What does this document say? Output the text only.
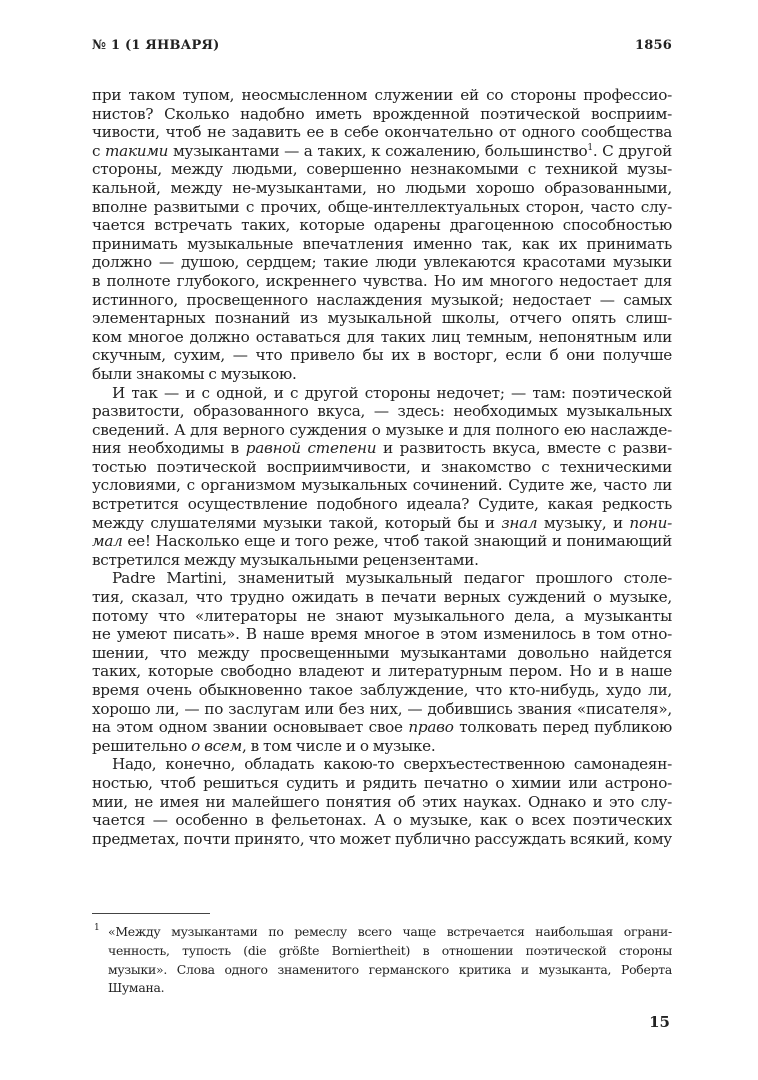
№ 1 (1 ЯНВАРЯ)	1856
при таком тупом, неосмысленном служении ей со стороны профессио-
нистов? Сколько надобно иметь врожденной поэтической восприим-
чивости, чтоб не задавить ее в себе окончательно от одного сообщества
с такими музыкантами — а таких, к сожалению, большинство$^1$. С другой
стороны, между людьми, совершенно незнакомыми с техникой музы-
кальной, между не-музыкантами, но людьми хорошо образованными,
вполне развитыми с прочих, обще-интеллектуальных сторон, часто слу-
чается встречать таких, которые одарены драгоценною способностью
принимать музыкальные впечатления именно так, как их принимать
должно — душою, сердцем; такие люди увлекаются красотами музыки
в полноте глубокого, искреннего чувства. Но им многого недостает для
истинного, просвещенного наслаждения музыкой; недостает — самых
элементарных познаний из музыкальной школы, отчего опять слиш-
ком многое должно оставаться для таких лиц темным, непонятным или
скучным, сухим, — что привело бы их в восторг, если б они получше
были знакомы с музыкою.
И так — и с одной, и с другой стороны недочет; — там: поэтической
развитости, образованного вкуса, — здесь: необходимых музыкальных
сведений. А для верного суждения о музыке и для полного ею наслажде-
ния необходимы в равной степени и развитость вкуса, вместе с разви-
тостью поэтической восприимчивости, и знакомство с техническими
условиями, с организмом музыкальных сочинений. Судите же, часто ли
встретится осуществление подобного идеала? Судите, какая редкость
между слушателями музыки такой, который бы и знал музыку, и пони-
мал ее! Насколько еще и того реже, чтоб такой знающий и понимающий
встретился между музыкальными рецензентами.
Padre Martini, знаменитый музыкальный педагог прошлого столе-
тия, сказал, что трудно ожидать в печати верных суждений о музыке,
потому что «литераторы не знают музыкального дела, а музыканты
не умеют писать». В наше время многое в этом изменилось в том отно-
шении, что между просвещенными музыкантами довольно найдется
таких, которые свободно владеют и литературным пером. Но и в наше
время очень обыкновенно такое заблуждение, что кто-нибудь, худо ли,
хорошо ли, — по заслугам или без них, — добившись звания «писателя»,
на этом одном звании основывает свое право толковать перед публикою
решительно о всем, в том числе и о музыке.
Надо, конечно, обладать какою-то сверхъестественною самонадеян-
ностью, чтоб решиться судить и рядить печатно о химии или астроно-
мии, не имея ни малейшего понятия об этих науках. Однако и это слу-
чается — особенно в фельетонах. А о музыке, как о всех поэтических
предметах, почти принято, что может публично рассуждать всякий, кому
1 «Между музыкантами по ремеслу всего чаще встречается наибольшая ограни-
ченность, тупость (die größte Borniertheit) в отношении поэтической стороны
музыки». Слова одного знаменитого германского критика и музыканта, Роберта
Шумана.
15
